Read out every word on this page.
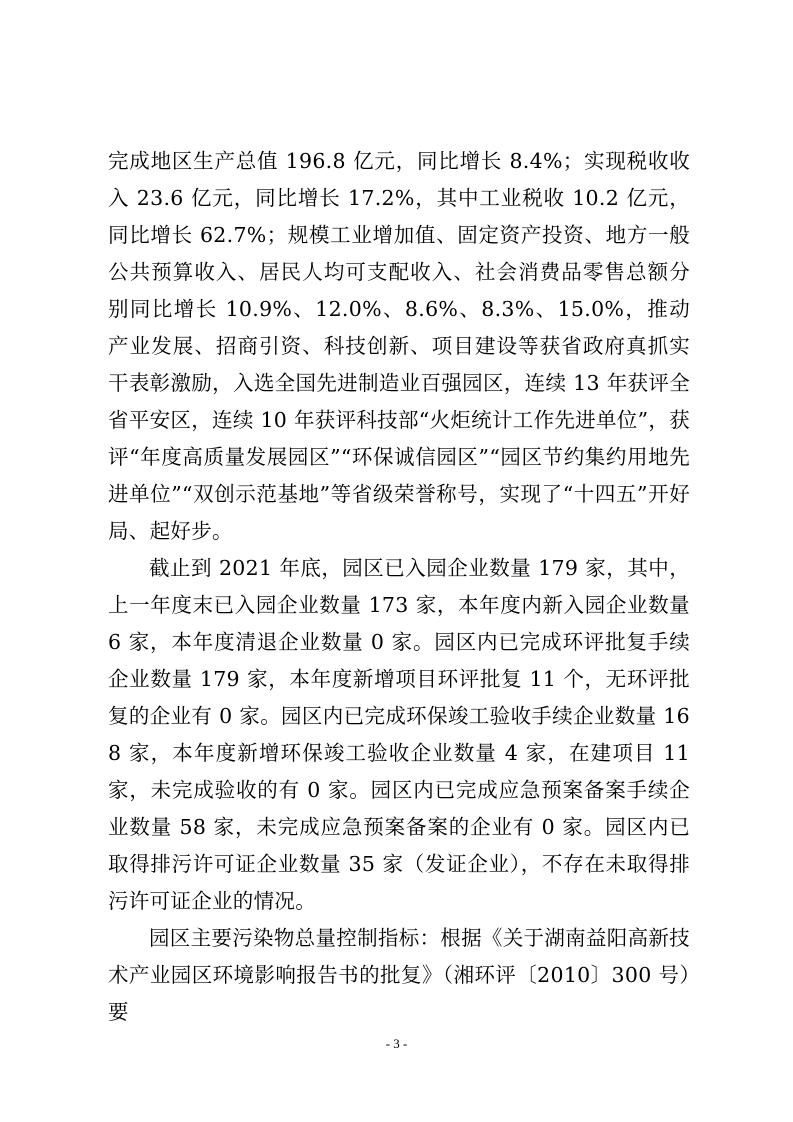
完成地区生产总值 196.8 亿元，同比增长 8.4%；实现税收收入 23.6 亿元，同比增长 17.2%，其中工业税收 10.2 亿元，同比增长 62.7%；规模工业增加值、固定资产投资、地方一般公共预算收入、居民人均可支配收入、社会消费品零售总额分别同比增长 10.9%、12.0%、8.6%、8.3%、15.0%，推动产业发展、招商引资、科技创新、项目建设等获省政府真抓实干表彰激励，入选全国先进制造业百强园区，连续 13 年获评全省平安区，连续 10 年获评科技部“火炬统计工作先进单位”，获评“年度高质量发展园区”“环保诚信园区”“园区节约集约用地先进单位”“双创示范基地”等省级荣誉称号，实现了“十四五”开好局、起好步。

截止到 2021 年底，园区已入园企业数量 179 家，其中，上一年度末已入园企业数量 173 家，本年度内新入园企业数量 6 家，本年度清退企业数量 0 家。园区内已完成环评批复手续企业数量 179 家，本年度新增项目环评批复 11 个，无环评批复的企业有 0 家。园区内已完成环保竣工验收手续企业数量 168 家，本年度新增环保竣工验收企业数量 4 家，在建项目 11 家，未完成验收的有 0 家。园区内已完成应急预案备案手续企业数量 58 家，未完成应急预案备案的企业有 0 家。园区内已取得排污许可证企业数量 35 家（发证企业），不存在未取得排污许可证企业的情况。

园区主要污染物总量控制指标：根据《关于湖南益阳高新技术产业园区环境影响报告书的批复》（湘环评〔2010〕300 号）要

- 3 -
